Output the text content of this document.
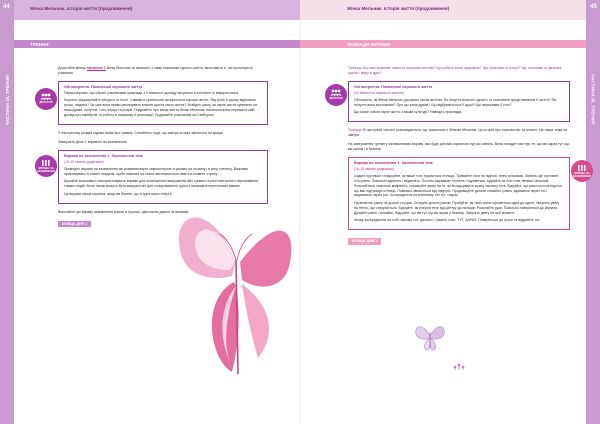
44	45
Жінка Мельник. Історія життя (продовження)	Жінка Мельник. Історія життя (продовження)
ЧАСТИНА III. ТРЕНІНГ	ЧАСТИНА III. ТРЕНІНГ
ТРЕНІНГ	ЗАКЛАДИ МЕТАМИ

Дочитайте кінець малюнок 2 Жінці Мельник та запишіть з ними показники гарного життя, включаючи ті, які пропонують учасники.

ДИСКУСІЯ
Обговорення. Показники хорошого життя

Першочергово, що обрані учасниками приклади з її власного досвіду актуальні в контексті їх використання.

Коротко сформулюйте ресурси та пості, з якими в суспільстві асоціюється хороше життя. Яку роль в цьому відіграють гроші, людина? Чи має вона право реалізувати власне щастя свого життя? Знайдіть увагу, як гарне життя зупинене на наші думки, почуттів, тіло, серце та розум. Подумайте про місце життя Жінки Мельник, наскільки вона пережила свій досвід про майбутнє та роботу в напрямку її реалізації. Подумайте учасникам за її вибором.

У наступному розділі підемо мова про травму. Спокійтесь туди, що завтра історія зміниться на краще.

Завершіть День 1 вправою на заземлення

ВПРАВА НА ЗАЗЕМЛЕННЯ
Вправа на заземлення 1. Заземлення тіла
(10–15 хвилин додатково)

Приведіть вправи на заземлення які розвиватимуть самоконтроль в умовах на початку і в кінці тренінгу. Важливо практикувати їх кожен тиждень, щоби навичка на стала автоматичною навіть в момент стресу.

Шукайте можливості використовувати вправи для полегшення напруження або тривоги в разі повторного переживання тяжких подій. Вони також можуть бути використані для стимулювання групи з низьким енергетичним рівнем.

Ця вправа також корисна, якщо ви бачите, що в групі мало енергії.

Виконайте цю вправу заземлення разом із групою, одночасно даючи їм вказівки.

КІНЕЦЬ ДНЯ 1

Точниця. Що має можливе навести хорошим життям? Що робить жінку здоровою? Що стоячими ці історії? Що стоячими ці ідеальні щастя і миру в душі?

ДИСКУСІЯ
Обговорення. Показники хорошого життя
(10 хвилин на практичні заняття)

Обговоріть, як Жінка Мельник дорожить своїм життям. Як почуття власної гідності та позитивне представлення її життя? Які почуття вона висловлює? Про що вона думає? Що відбувається в її душі? Що переживає її тіло?

Що може собою гарне життя з вашій культурі? Наведіть приклади.

Точниця. В наступній частині розповідається, що трапилося з Жінкою Мельник. Ця історія про насильство та злочин. Це наша тема на завтра.

На завершення тренінгу ми виконаємо вправу, яка буде для вас корисною під час занять. Вона нагадує нам про те, що ми зараз тут, що ми разом і в безпеці.

ВПРАВА НА ЗАЗЕМЛЕННЯ
Вправа на заземлення 1. Заземлення тіла
(10–15 хвилин додатково)

Сядьте зручніше та відчуйте, як ваше тіло торкається стільця. Тримайте ноги на підлозі, плечі вільними. Любить ще поставте тіло рівно. Повільно вдихніть і видихніть. Почніть від ваших ступень і підніміться, відчуйте як тіло стає легким і вільним. Розслабтеся, повільно видихніть, спрямуйте увагу на те, як ви відчуваєте кожну частину тіла. Відчуйте, що ваші ноги на підлозі, що вас підтримує стілець. Повільно звільніться від напруги. Продовжуйте дихати спокійно і рівно, вдихаючи через ніс і видихаючи через рот. Зосередьтеся на власному тілі тут і зараз.

Перемістіть увагу на долоні та руки. Складіть долоні разом. Пробуйте, як тісно вони торкаються одна до одної. Зверніть увагу на тепло, що створюється. Відчуйте, як енергія тече від центру до пальців. Розслабте руки. Повільно поверніться до кімнати. Дихайте рівно і спокійно. Відчуйте, що ви тут, що ви зараз у безпеці. Зверніть увагу на цей момент.

Знову зосередьтеся на собі, своєму тілі, диханні. Скажіть тихо: ТУТ, ЗАРАЗ. Поверніться до групи та відкрийте очі.

КІНЕЦЬ ДНЯ 1
